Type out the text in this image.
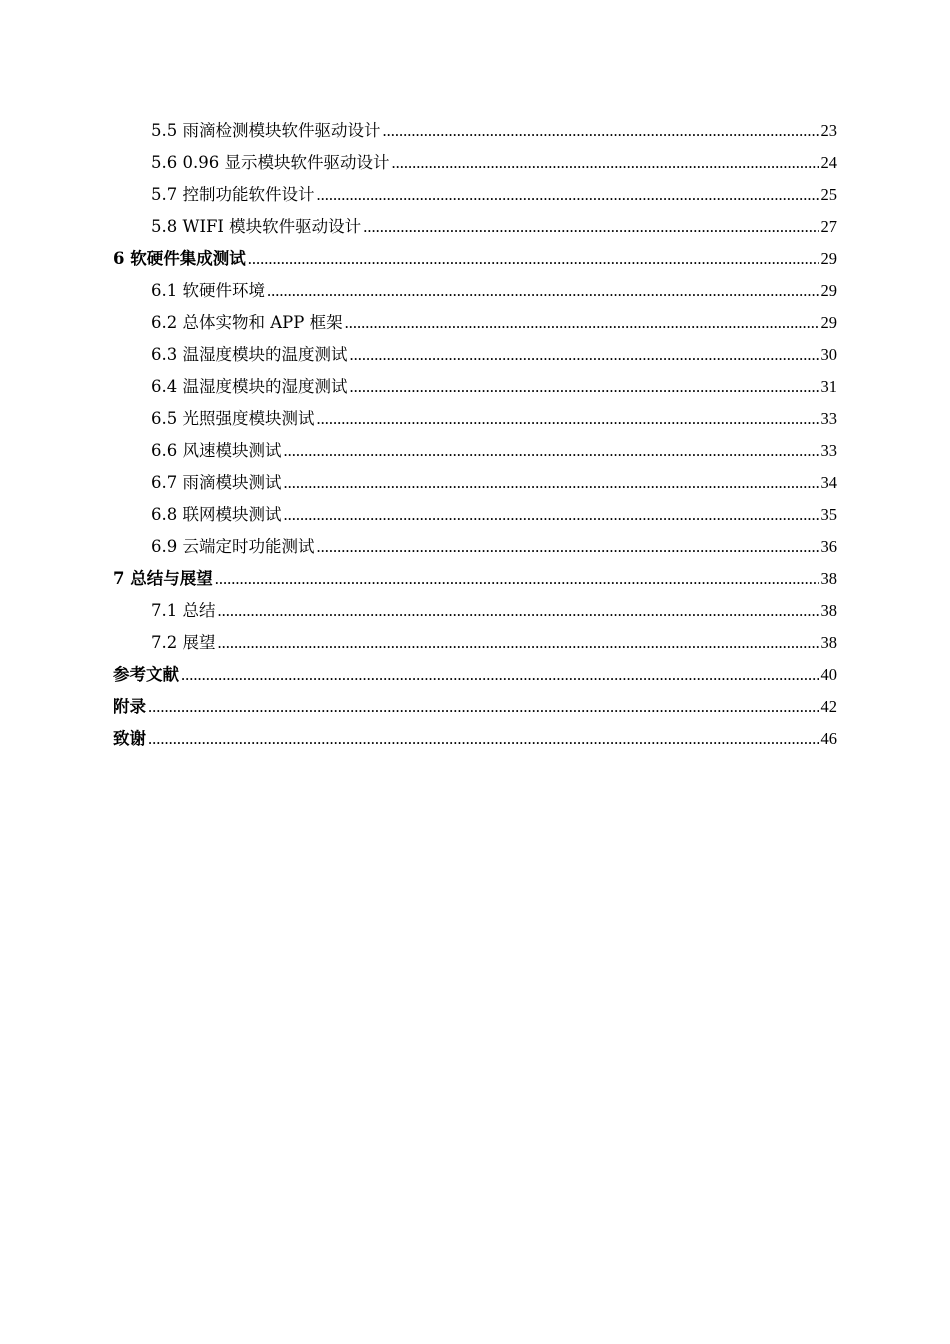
5.5 雨滴检测模块软件驱动设计 .....	23
5.6 0.96 显示模块软件驱动设计 .....	24
5.7 控制功能软件设计 .....	25
5.8 WIFI 模块软件驱动设计 .....	27
6 软硬件集成测试 .....	29
6.1 软硬件环境 .....	29
6.2 总体实物和 APP 框架 .....	29
6.3 温湿度模块的温度测试 .....	30
6.4 温湿度模块的湿度测试 .....	31
6.5 光照强度模块测试 .....	33
6.6 风速模块测试 .....	33
6.7 雨滴模块测试 .....	34
6.8 联网模块测试 .....	35
6.9 云端定时功能测试 .....	36
7 总结与展望 .....	38
7.1 总结 .....	38
7.2 展望 .....	38
参考文献 .....	40
附录 .....	42
致谢 .....	46
